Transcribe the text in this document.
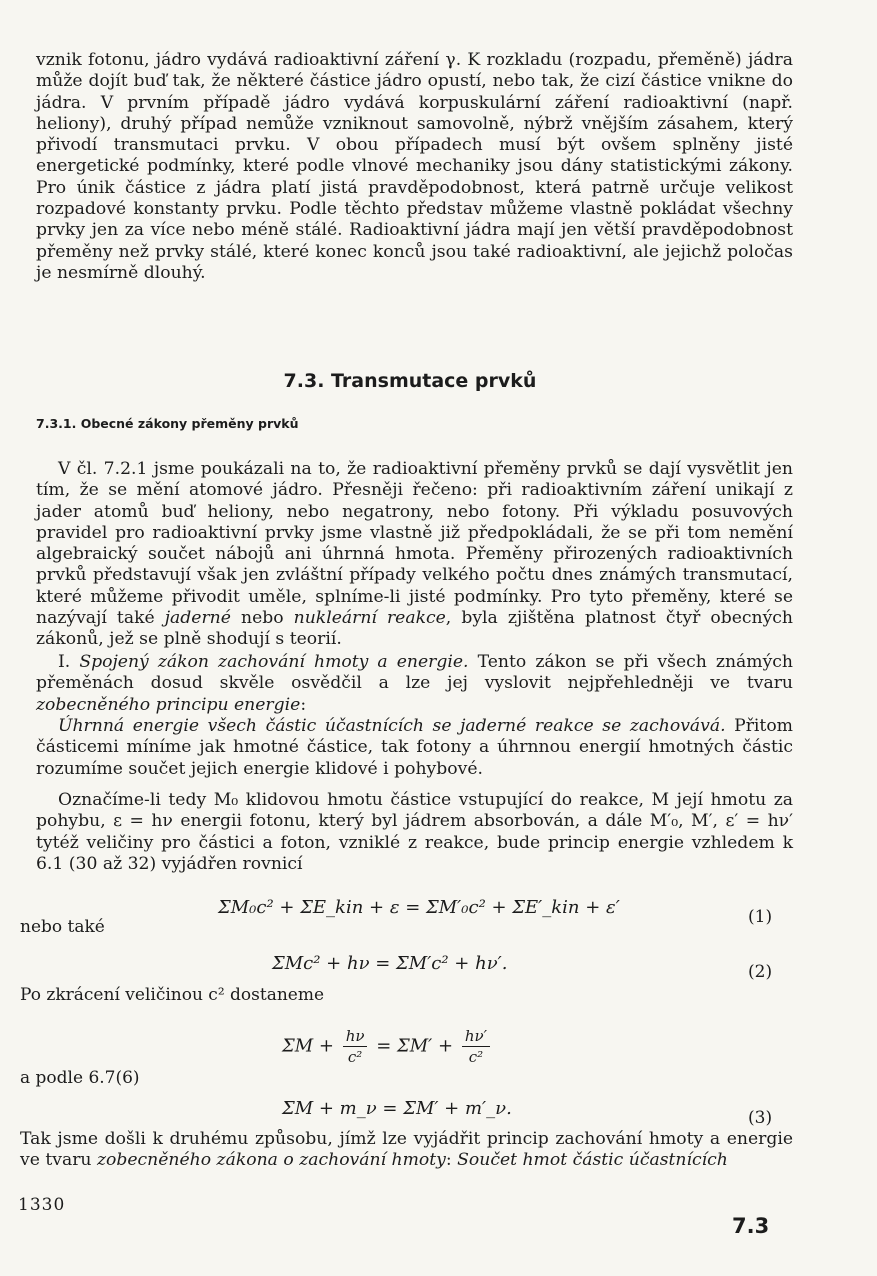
vznik fotonu, jádro vydává radioaktivní záření γ. K rozkladu (rozpadu, přeměně) jádra může dojít buď tak, že některé částice jádro opustí, nebo tak, že cizí částice vnikne do jádra. V prvním případě jádro vydává korpuskulární záření radioaktivní (např. heliony), druhý případ nemůže vzniknout samovolně, nýbrž vnějším zásahem, který přivodí transmutaci prvku. V obou případech musí být ovšem splněny jisté energetické podmínky, které podle vlnové mechaniky jsou dány statistickými zákony. Pro únik částice z jádra platí jistá pravděpodobnost, která patrně určuje velikost rozpadové konstanty prvku. Podle těchto představ můžeme vlastně pokládat všechny prvky jen za více nebo méně stálé. Radioaktivní jádra mají jen větší pravděpodobnost přeměny než prvky stálé, které konec konců jsou také radioaktivní, ale jejichž poločas je nesmírně dlouhý.

7.3. Transmutace prvků
7.3.1. Obecné zákony přeměny prvků

V čl. 7.2.1 jsme poukázali na to, že radioaktivní přeměny prvků se dají vysvětlit jen tím, že se mění atomové jádro. Přesněji řečeno: při radioaktivním záření unikají z jader atomů buď heliony, nebo negatrony, nebo fotony. Při výkladu posuvových pravidel pro radioaktivní prvky jsme vlastně již předpokládali, že se při tom nemění algebraický součet nábojů ani úhrnná hmota. Přeměny přirozených radioaktivních prvků představují však jen zvláštní případy velkého počtu dnes známých transmutací, které můžeme přivodit uměle, splníme-li jisté podmínky. Pro tyto přeměny, které se nazývají také jaderné nebo nukleární reakce, byla zjištěna platnost čtyř obecných zákonů, jež se plně shodují s teorií.

I. Spojený zákon zachování hmoty a energie. Tento zákon se při všech známých přeměnách dosud skvěle osvědčil a lze jej vyslovit nejpřehledněji ve tvaru zobecněného principu energie:

Úhrnná energie všech částic účastnících se jaderné reakce se zachovává. Přitom částicemi míníme jak hmotné částice, tak fotony a úhrnnou energií hmotných částic rozumíme součet jejich energie klidové i pohybové.

Označíme-li tedy M₀ klidovou hmotu částice vstupující do reakce, M její hmotu za pohybu, ε = hν energii fotonu, který byl jádrem absorbován, a dále M′₀, M′, ε′ = hν′ tytéž veličiny pro částici a foton, vzniklé z reakce, bude princip energie vzhledem k 6.1 (30 až 32) vyjádřen rovnicí

ΣM₀c² + ΣE_kin + ε = ΣM′₀c² + ΣE′_kin + ε′	(1)
nebo také
ΣMc² + hν = ΣM′c² + hν′.	(2)
Po zkrácení veličinou c² dostaneme
$\Sigma M + \frac{h\nu}{\text{c²}} = \Sigma M' + \frac{h\nu'}{\text{c²}}$
a podle 6.7(6)
ΣM + m_ν = ΣM′ + m′_ν.	(3)

Tak jsme došli k druhému způsobu, jímž lze vyjádřit princip zachování hmoty a energie ve tvaru zobecněného zákona o zachování hmoty: Součet hmot částic účastnících

1330
7.3
